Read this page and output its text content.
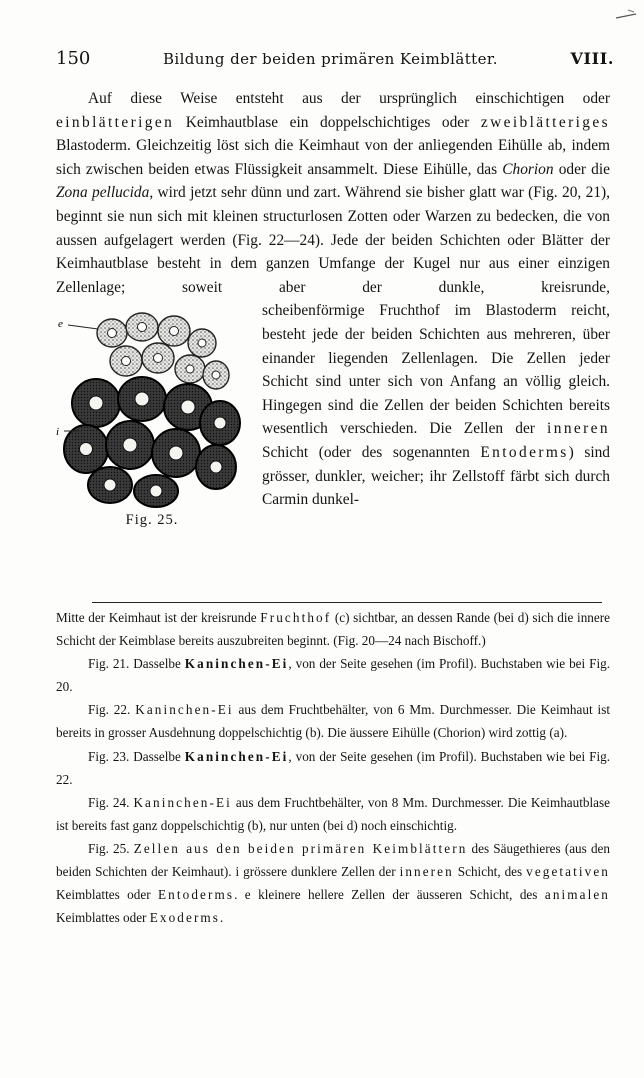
150	Bildung der beiden primären Keimblätter.	VIII.

Auf diese Weise entsteht aus der ursprünglich einschichtigen oder einblätterigen Keimhautblase ein doppelschichtiges oder zweiblätteriges Blastoderm. Gleichzeitig löst sich die Keimhaut von der anliegenden Eihülle ab, indem sich zwischen beiden etwas Flüssigkeit ansammelt. Diese Eihülle, das Chorion oder die Zona pellucida, wird jetzt sehr dünn und zart. Während sie bisher glatt war (Fig. 20, 21), beginnt sie nun sich mit kleinen structurlosen Zotten oder Warzen zu bedecken, die von aussen aufgelagert werden (Fig. 22—24). Jede der beiden Schichten oder Blätter der Keimhautblase besteht in dem ganzen Umfange der Kugel nur aus einer einzigen Zellenlage; soweit aber der dunkle, kreisrunde, scheiben
e
i
Fig. 25.
förmige Fruchthof im Blastoderm reicht, besteht jede der beiden Schichten aus mehreren, über einander liegenden Zellenlagen. Die Zellen jeder Schicht sind unter sich von Anfang an völlig gleich. Hingegen sind die Zellen der beiden Schichten bereits wesentlich verschieden. Die Zellen der inneren Schicht (oder des sogenannten Entoderms) sind grösser, dunkler, weicher; ihr Zellstoff färbt sich durch Carmin dunkel-

Mitte der Keimhaut ist der kreisrunde Fruchthof (c) sichtbar, an dessen Rande (bei d) sich die innere Schicht der Keimblase bereits auszubreiten beginnt. (Fig. 20—24 nach Bischoff.)

Fig. 21. Dasselbe Kaninchen-Ei, von der Seite gesehen (im Profil). Buchstaben wie bei Fig. 20.

Fig. 22. Kaninchen-Ei aus dem Fruchtbehälter, von 6 Mm. Durchmesser. Die Keimhaut ist bereits in grosser Ausdehnung doppelschichtig (b). Die äussere Eihülle (Chorion) wird zottig (a).

Fig. 23. Dasselbe Kaninchen-Ei, von der Seite gesehen (im Profil). Buchstaben wie bei Fig. 22.

Fig. 24. Kaninchen-Ei aus dem Fruchtbehälter, von 8 Mm. Durchmesser. Die Keimhautblase ist bereits fast ganz doppelschichtig (b), nur unten (bei d) noch einschichtig.

Fig. 25. Zellen aus den beiden primären Keimblättern des Säugethieres (aus den beiden Schichten der Keimhaut). i grössere dunklere Zellen der inneren Schicht, des vegetativen Keimblattes oder Entoderms. e kleinere hellere Zellen der äusseren Schicht, des animalen Keimblattes oder Exoderms.
